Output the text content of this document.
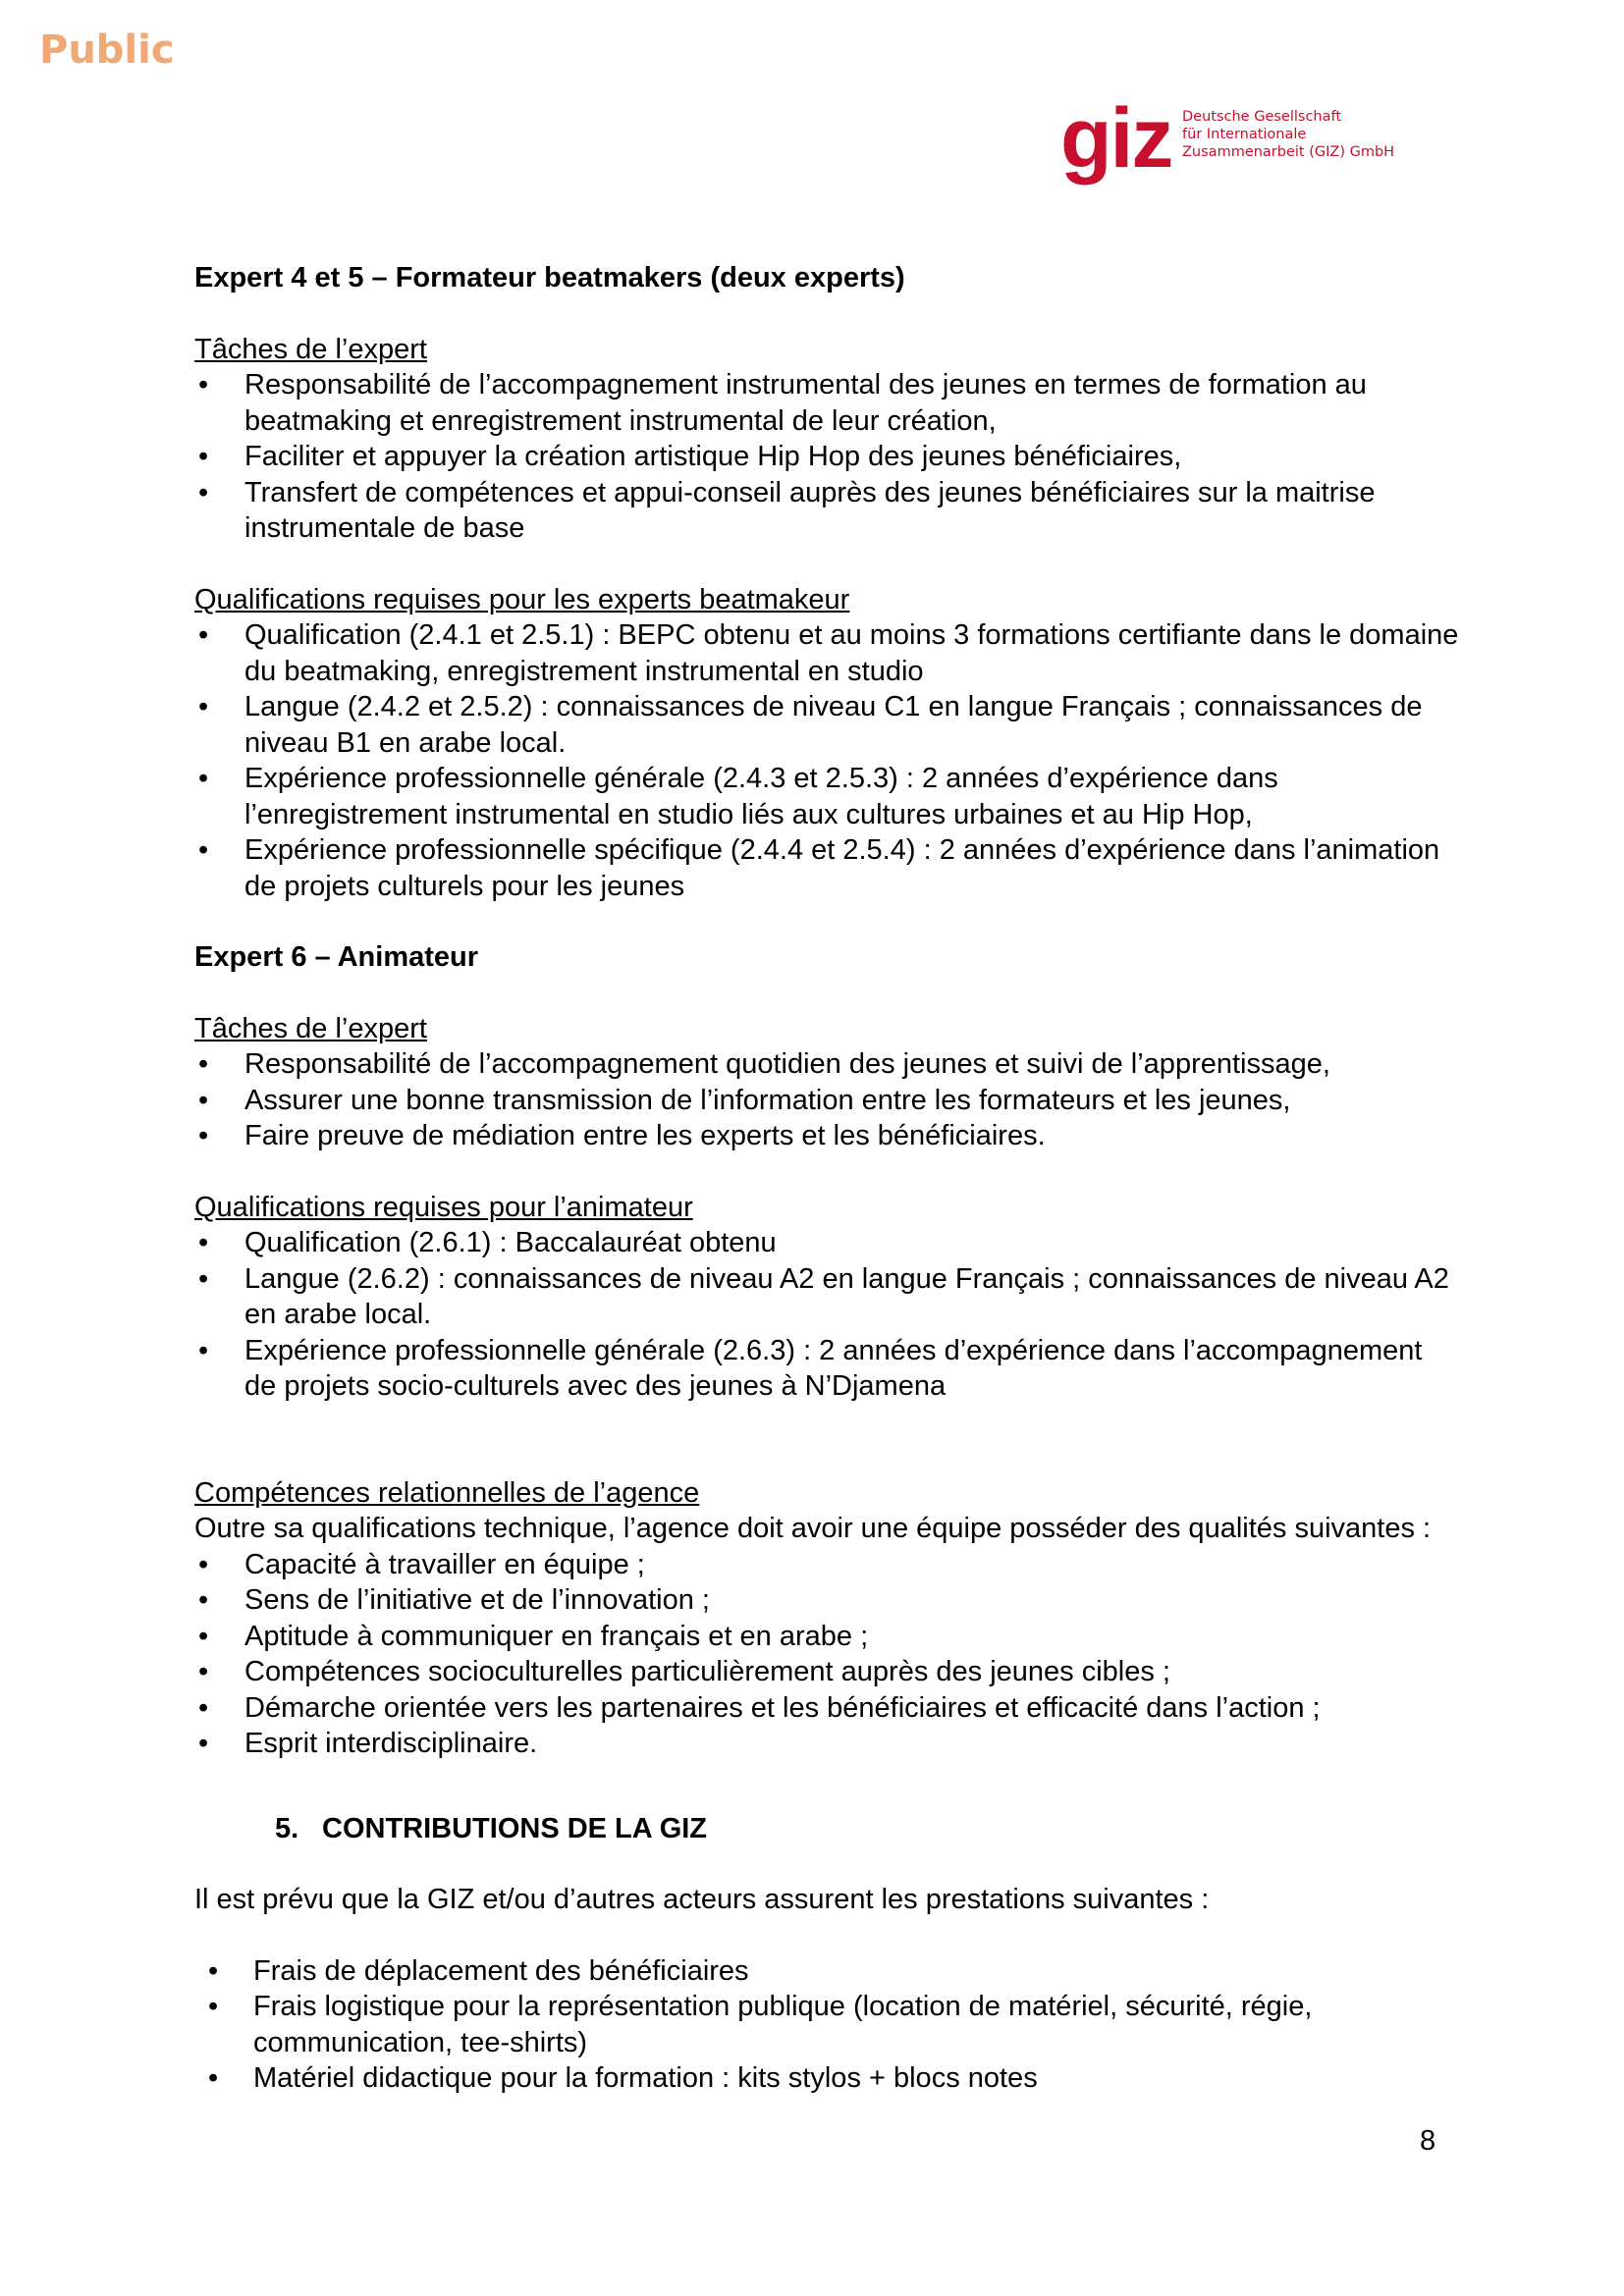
Public
giz Deutsche Gesellschaft
für Internationale
Zusammenarbeit (GIZ) GmbH

Expert 4 et 5 – Formateur beatmakers (deux experts)

Tâches de l’expert

• Responsabilité de l’accompagnement instrumental des jeunes en termes de formation au beatmaking et enregistrement instrumental de leur création,
• Faciliter et appuyer la création artistique Hip Hop des jeunes bénéficiaires,
• Transfert de compétences et appui-conseil auprès des jeunes bénéficiaires sur la maitrise instrumentale de base

Qualifications requises pour les experts beatmakeur

• Qualification (2.4.1 et 2.5.1) : BEPC obtenu et au moins 3 formations certifiante dans le domaine du beatmaking, enregistrement instrumental en studio
• Langue (2.4.2 et 2.5.2) : connaissances de niveau C1 en langue Français ; connaissances de niveau B1 en arabe local.
• Expérience professionnelle générale (2.4.3 et 2.5.3) : 2 années d’expérience dans l’enregistrement instrumental en studio liés aux cultures urbaines et au Hip Hop,
• Expérience professionnelle spécifique (2.4.4 et 2.5.4) : 2 années d’expérience dans l’animation de projets culturels pour les jeunes

Expert 6 – Animateur

Tâches de l’expert

• Responsabilité de l’accompagnement quotidien des jeunes et suivi de l’apprentissage,
• Assurer une bonne transmission de l’information entre les formateurs et les jeunes,
• Faire preuve de médiation entre les experts et les bénéficiaires.

Qualifications requises pour l’animateur

• Qualification (2.6.1) : Baccalauréat obtenu
• Langue (2.6.2) : connaissances de niveau A2 en langue Français ; connaissances de niveau A2 en arabe local.
• Expérience professionnelle générale (2.6.3) : 2 années d’expérience dans l’accompagnement de projets socio-culturels avec des jeunes à N’Djamena

Compétences relationnelles de l’agence

Outre sa qualifications technique, l’agence doit avoir une équipe posséder des qualités suivantes :

• Capacité à travailler en équipe ;
• Sens de l’initiative et de l’innovation ;
• Aptitude à communiquer en français et en arabe ;
• Compétences socioculturelles particulièrement auprès des jeunes cibles ;
• Démarche orientée vers les partenaires et les bénéficiaires et efficacité dans l’action ;
• Esprit interdisciplinaire.

5. CONTRIBUTIONS DE LA GIZ

Il est prévu que la GIZ et/ou d’autres acteurs assurent les prestations suivantes :

• Frais de déplacement des bénéficiaires
• Frais logistique pour la représentation publique (location de matériel, sécurité, régie, communication, tee-shirts)
• Matériel didactique pour la formation : kits stylos + blocs notes
8
